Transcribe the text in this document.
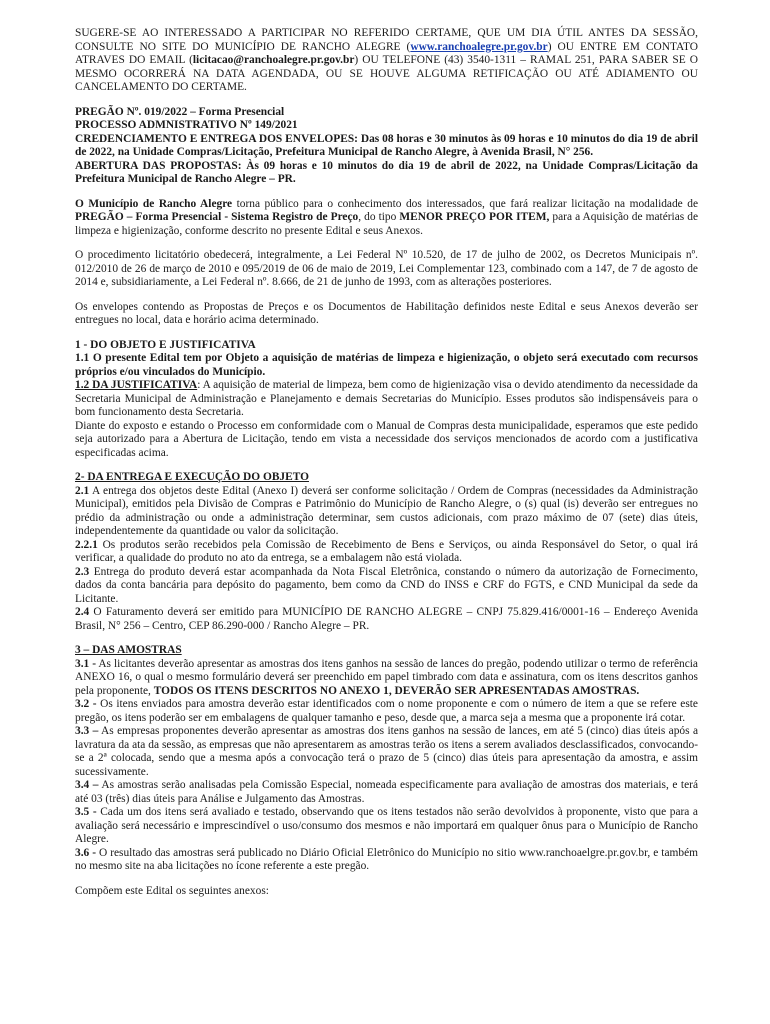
SUGERE-SE AO INTERESSADO A PARTICIPAR NO REFERIDO CERTAME, QUE UM DIA ÚTIL ANTES DA SESSÃO, CONSULTE NO SITE DO MUNICÍPIO DE RANCHO ALEGRE (www.ranchoalegre.pr.gov.br) OU ENTRE EM CONTATO ATRAVES DO EMAIL (licitacao@ranchoalegre.pr.gov.br) OU TELEFONE (43) 3540-1311 – RAMAL 251, PARA SABER SE O MESMO OCORRERÁ NA DATA AGENDADA, OU SE HOUVE ALGUMA RETIFICAÇÃO OU ATÉ ADIAMENTO OU CANCELAMENTO DO CERTAME.

PREGÃO Nº. 019/2022 – Forma Presencial

PROCESSO ADMNISTRATIVO Nº 149/2021

CREDENCIAMENTO E ENTREGA DOS ENVELOPES: Das 08 horas e 30 minutos às 09 horas e 10 minutos do dia 19 de abril de 2022, na Unidade Compras/Licitação, Prefeitura Municipal de Rancho Alegre, à Avenida Brasil, N° 256.

ABERTURA DAS PROPOSTAS: Às 09 horas e 10 minutos do dia 19 de abril de 2022, na Unidade Compras/Licitação da Prefeitura Municipal de Rancho Alegre – PR.

O Município de Rancho Alegre torna público para o conhecimento dos interessados, que fará realizar licitação na modalidade de PREGÃO – Forma Presencial - Sistema Registro de Preço, do tipo MENOR PREÇO POR ITEM, para a Aquisição de matérias de limpeza e higienização, conforme descrito no presente Edital e seus Anexos.

O procedimento licitatório obedecerá, integralmente, a Lei Federal Nº 10.520, de 17 de julho de 2002, os Decretos Municipais nº. 012/2010 de 26 de março de 2010 e 095/2019 de 06 de maio de 2019, Lei Complementar 123, combinado com a 147, de 7 de agosto de 2014 e, subsidiariamente, a Lei Federal nº. 8.666, de 21 de junho de 1993, com as alterações posteriores.

Os envelopes contendo as Propostas de Preços e os Documentos de Habilitação definidos neste Edital e seus Anexos deverão ser entregues no local, data e horário acima determinado.

1 - DO OBJETO E JUSTIFICATIVA

1.1 O presente Edital tem por Objeto a aquisição de matérias de limpeza e higienização, o objeto será executado com recursos próprios e/ou vinculados do Município.

1.2 DA JUSTIFICATIVA: A aquisição de material de limpeza, bem como de higienização visa o devido atendimento da necessidade da Secretaria Municipal de Administração e Planejamento e demais Secretarias do Município. Esses produtos são indispensáveis para o bom funcionamento desta Secretaria.

Diante do exposto e estando o Processo em conformidade com o Manual de Compras desta municipalidade, esperamos que este pedido seja autorizado para a Abertura de Licitação, tendo em vista a necessidade dos serviços mencionados de acordo com a justificativa especificadas acima.

2- DA ENTREGA E EXECUÇÃO DO OBJETO

2.1 A entrega dos objetos deste Edital (Anexo I) deverá ser conforme solicitação / Ordem de Compras (necessidades da Administração Municipal), emitidos pela Divisão de Compras e Patrimônio do Município de Rancho Alegre, o (s) qual (is) deverão ser entregues no prédio da administração ou onde a administração determinar, sem custos adicionais, com prazo máximo de 07 (sete) dias úteis, independentemente da quantidade ou valor da solicitação.

2.2.1 Os produtos serão recebidos pela Comissão de Recebimento de Bens e Serviços, ou ainda Responsável do Setor, o qual irá verificar, a qualidade do produto no ato da entrega, se a embalagem não está violada.

2.3 Entrega do produto deverá estar acompanhada da Nota Fiscal Eletrônica, constando o número da autorização de Fornecimento, dados da conta bancária para depósito do pagamento, bem como da CND do INSS e CRF do FGTS, e CND Municipal da sede da Licitante.

2.4 O Faturamento deverá ser emitido para MUNICÍPIO DE RANCHO ALEGRE – CNPJ 75.829.416/0001-16 – Endereço Avenida Brasil, N° 256 – Centro, CEP 86.290-000 / Rancho Alegre – PR.

3 – DAS AMOSTRAS

3.1 - As licitantes deverão apresentar as amostras dos itens ganhos na sessão de lances do pregão, podendo utilizar o termo de referência ANEXO 16, o qual o mesmo formulário deverá ser preenchido em papel timbrado com data e assinatura, com os itens descritos ganhos pela proponente, TODOS OS ITENS DESCRITOS NO ANEXO 1, DEVERÃO SER APRESENTADAS AMOSTRAS.

3.2 - Os itens enviados para amostra deverão estar identificados com o nome proponente e com o número de item a que se refere este pregão, os itens poderão ser em embalagens de qualquer tamanho e peso, desde que, a marca seja a mesma que a proponente irá cotar.

3.3 – As empresas proponentes deverão apresentar as amostras dos itens ganhos na sessão de lances, em até 5 (cinco) dias úteis após a lavratura da ata da sessão, as empresas que não apresentarem as amostras terão os itens a serem avaliados desclassificados, convocando-se a 2ª colocada, sendo que a mesma após a convocação terá o prazo de 5 (cinco) dias úteis para apresentação da amostra, e assim sucessivamente.

3.4 – As amostras serão analisadas pela Comissão Especial, nomeada especificamente para avaliação de amostras dos materiais, e terá até 03 (três) dias úteis para Análise e Julgamento das Amostras.

3.5 - Cada um dos itens será avaliado e testado, observando que os itens testados não serão devolvidos à proponente, visto que para a avaliação será necessário e imprescindível o uso/consumo dos mesmos e não importará em qualquer ônus para o Município de Rancho Alegre.

3.6 - O resultado das amostras será publicado no Diário Oficial Eletrônico do Município no sitio www.ranchoaelgre.pr.gov.br, e também no mesmo site na aba licitações no ícone referente a este pregão.

Compõem este Edital os seguintes anexos:
